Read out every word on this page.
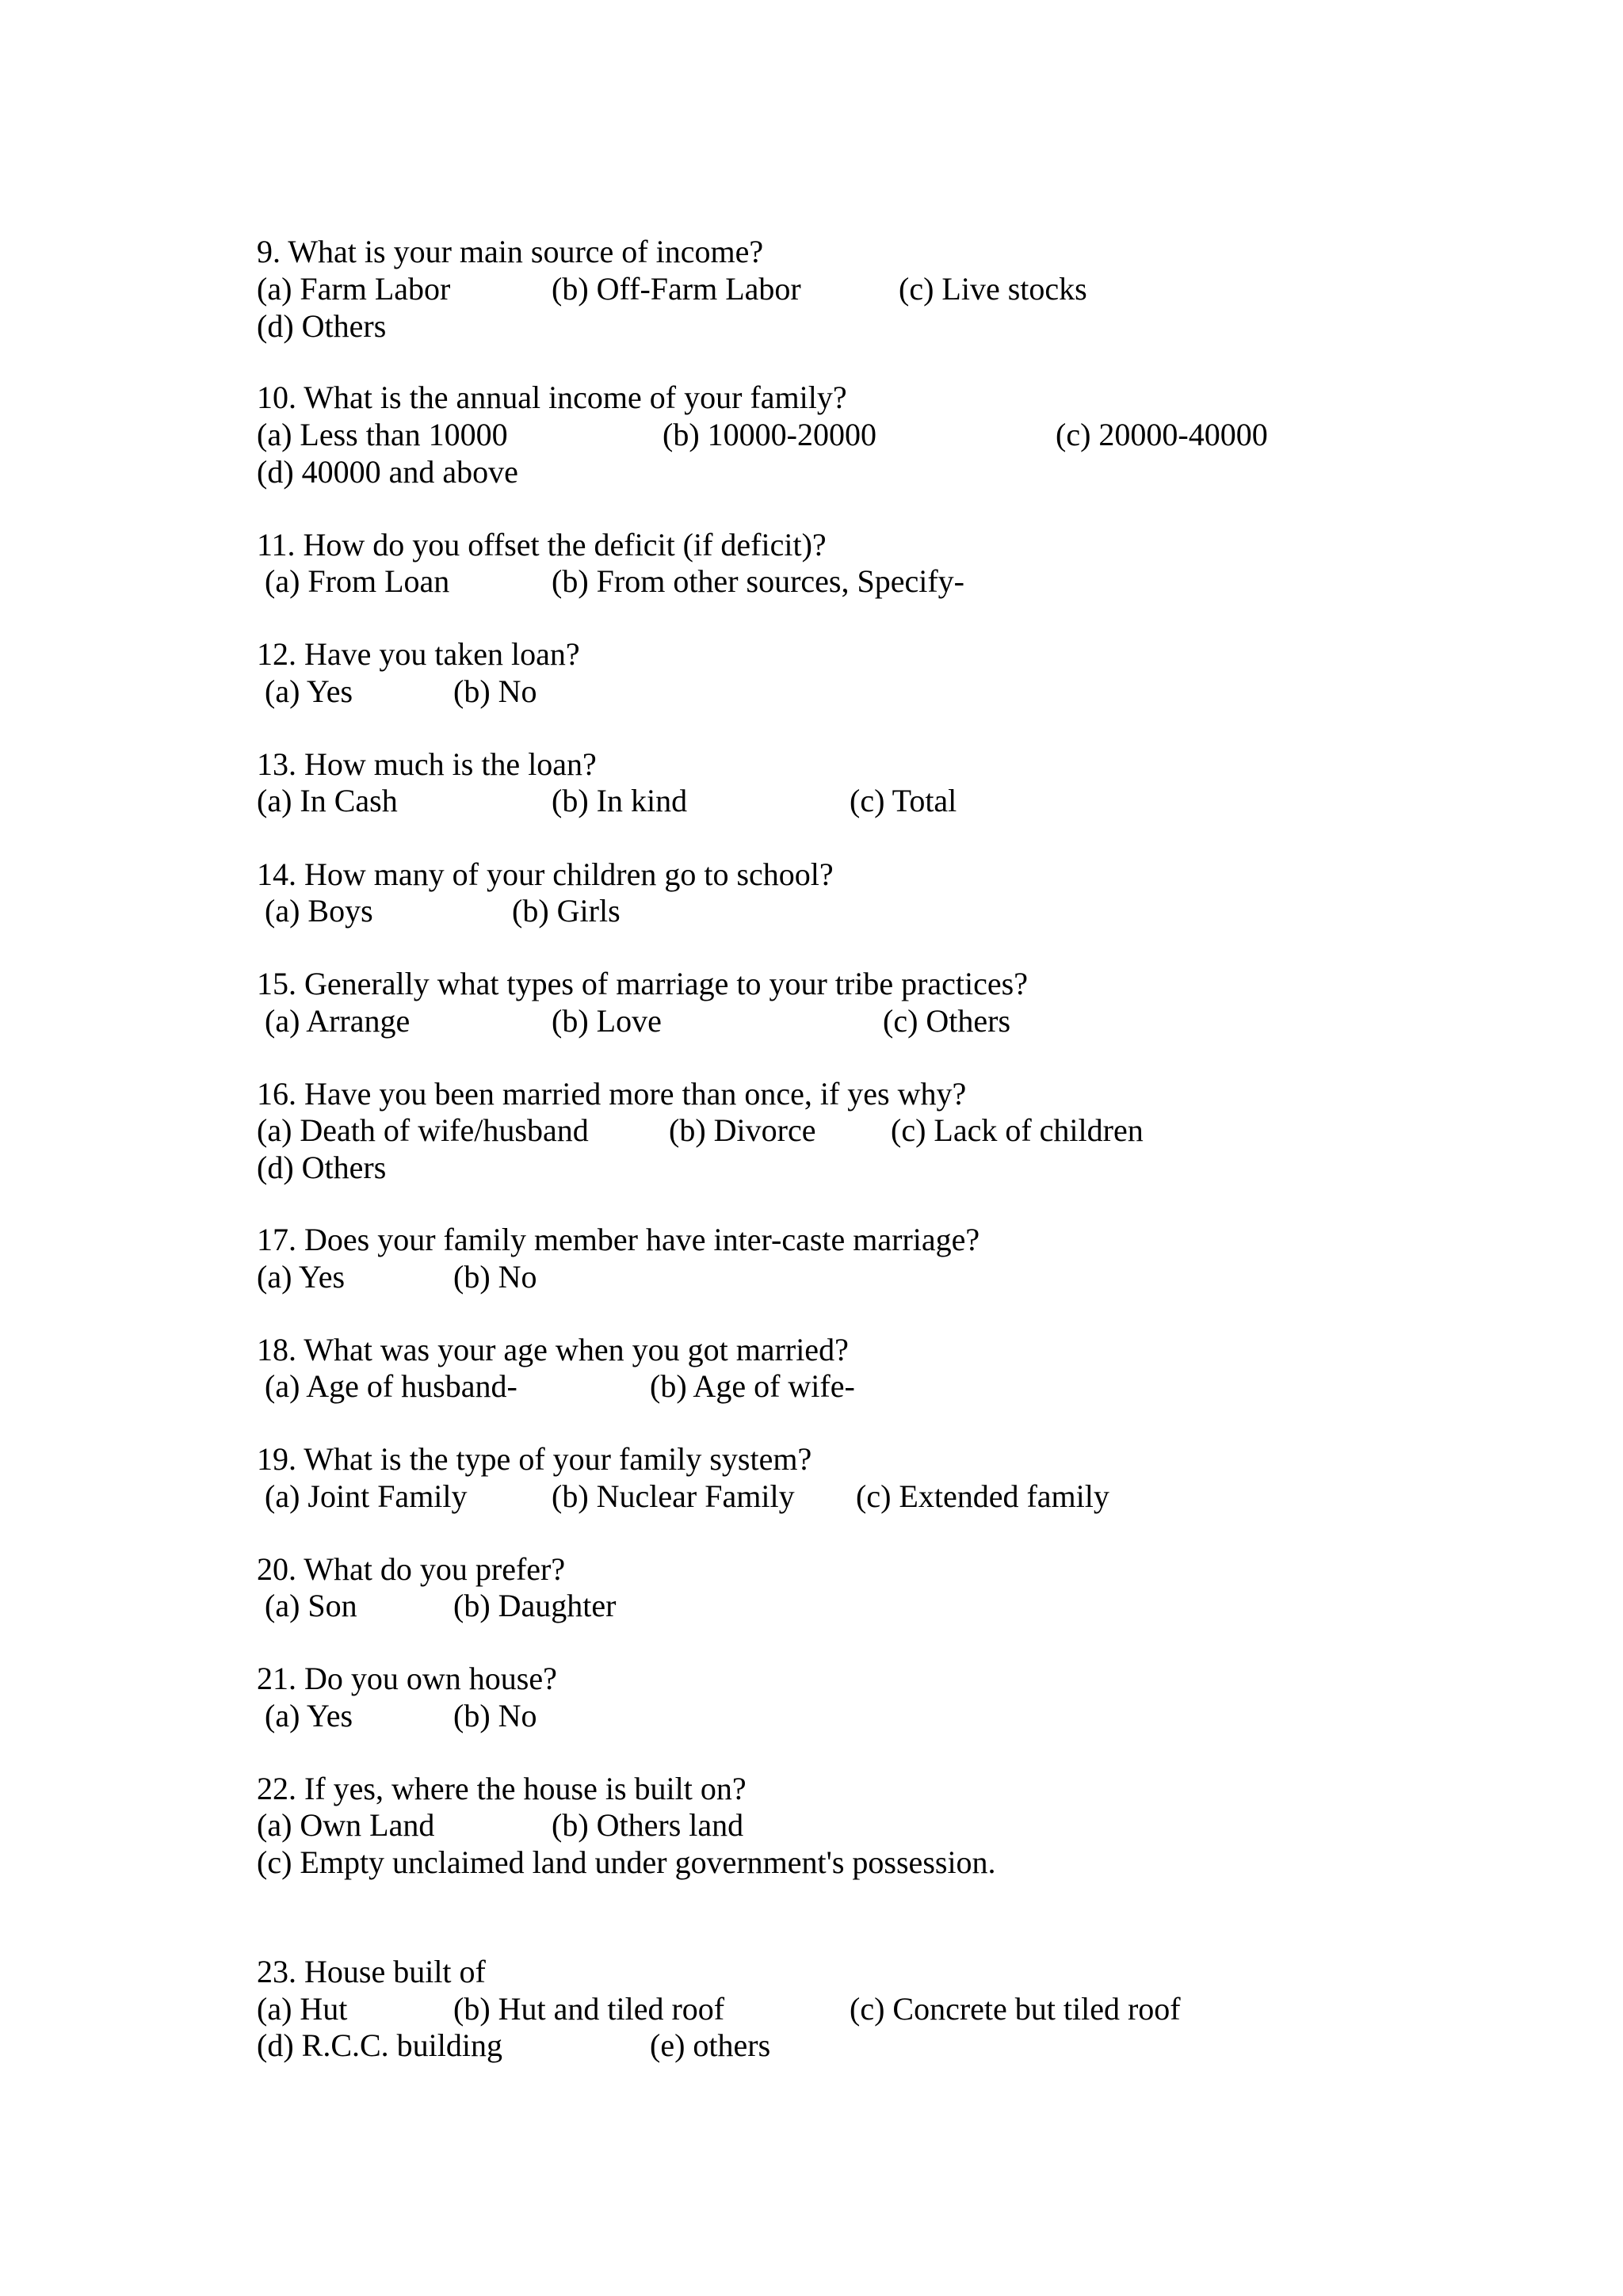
9. What is your main source of income?
(a) Farm Labor	(b) Off-Farm Labor	(c) Live stocks
(d) Others
10. What is the annual income of your family?
(a) Less than 10000	(b) 10000-20000	(c) 20000-40000
(d) 40000 and above
11. How do you offset the deficit (if deficit)?
(a) From Loan	(b) From other sources, Specify-
12. Have you taken loan?
(a) Yes	(b) No
13. How much is the loan?
(a) In Cash	(b) In kind	(c) Total
14. How many of your children go to school?
(a) Boys	(b) Girls
15. Generally what types of marriage to your tribe practices?
(a) Arrange	(b) Love	(c) Others
16. Have you been married more than once, if yes why?
(a) Death of wife/husband	(b) Divorce (c) Lack of children
(d) Others
17. Does your family member have inter-caste marriage?
(a) Yes	(b) No
18. What was your age when you got married?
(a) Age of husband-	(b) Age of wife-
19. What is the type of your family system?
(a) Joint Family	(b) Nuclear Family (c) Extended family
20. What do you prefer?
(a) Son	(b) Daughter
21. Do you own house?
(a) Yes	(b) No
22. If yes, where the house is built on?
(a) Own Land	(b) Others land
(c) Empty unclaimed land under government's possession.
23. House built of
(a) Hut	(b) Hut and tiled roof	(c) Concrete but tiled roof
(d) R.C.C. building	(e) others
